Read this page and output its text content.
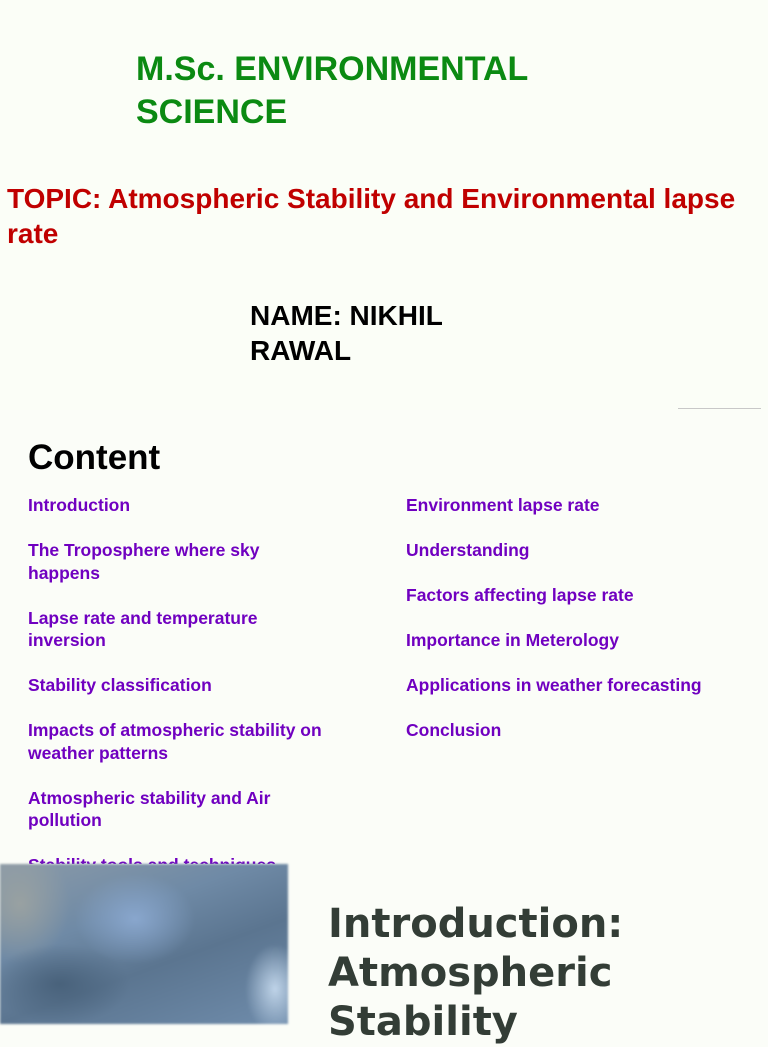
M.Sc. ENVIRONMENTAL SCIENCE
TOPIC: Atmospheric Stability and Environmental lapse rate
NAME: NIKHIL RAWAL
Content
Introduction
The Troposphere where sky happens
Lapse rate and temperature inversion
Stability classification
Impacts of atmospheric stability on weather patterns
Atmospheric stability and Air pollution
Environment lapse rate
Understanding
Factors affecting lapse rate
Importance in Meterology
Applications in weather forecasting
Conclusion
Introduction: Atmospheric Stability
